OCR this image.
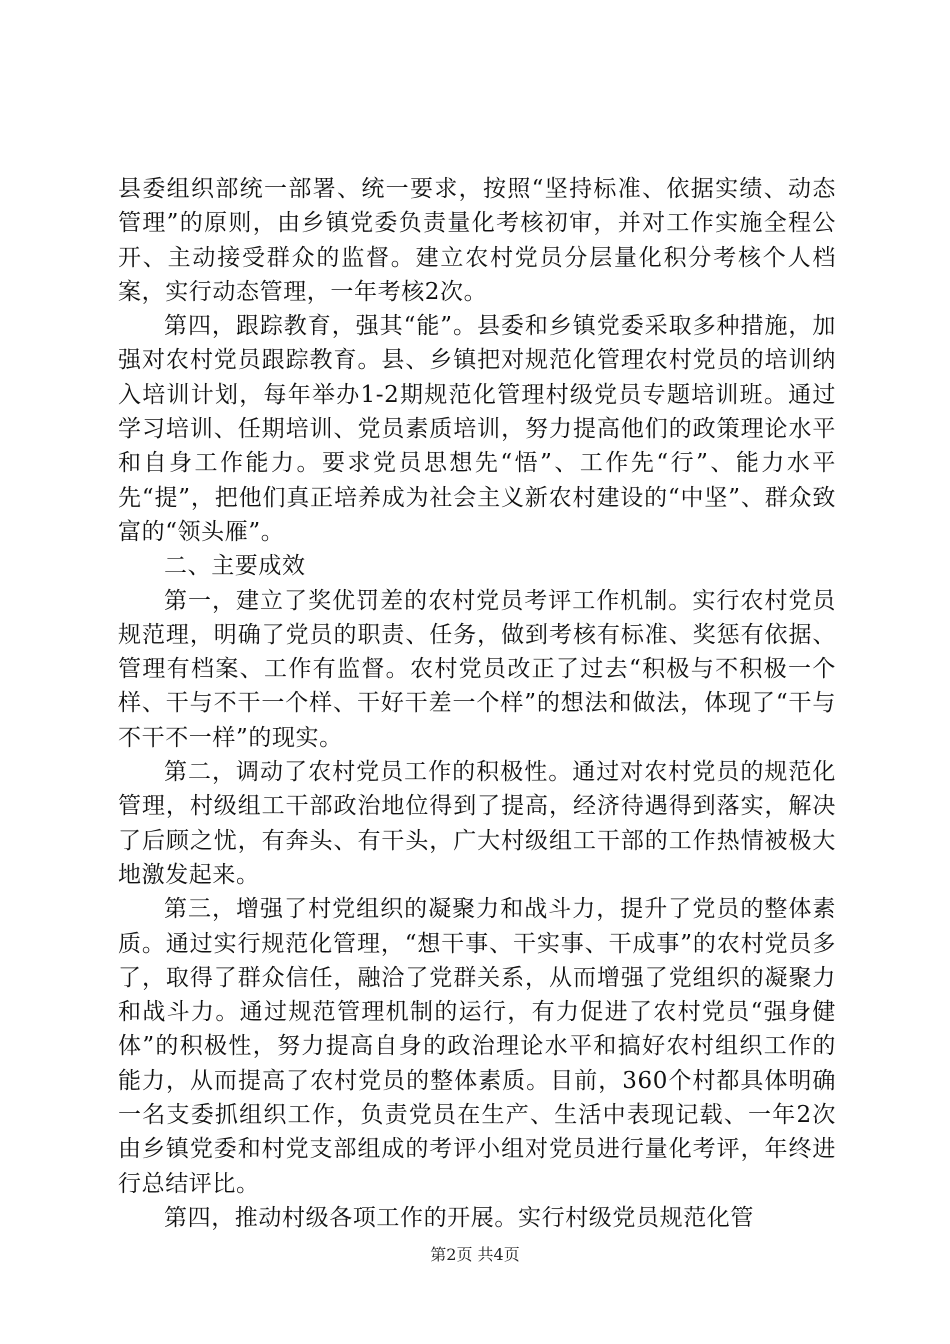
县委组织部统一部署、统一要求，按照“坚持标准、依据实绩、动态管理”的原则，由乡镇党委负责量化考核初审，并对工作实施全程公开、主动接受群众的监督。建立农村党员分层量化积分考核个人档案，实行动态管理，一年考核2次。

第四，跟踪教育，强其“能”。县委和乡镇党委采取多种措施，加强对农村党员跟踪教育。县、乡镇把对规范化管理农村党员的培训纳入培训计划，每年举办1-2期规范化管理村级党员专题培训班。通过学习培训、任期培训、党员素质培训，努力提高他们的政策理论水平和自身工作能力。要求党员思想先“悟”、工作先“行”、能力水平先“提”，把他们真正培养成为社会主义新农村建设的“中坚”、群众致富的“领头雁”。

二、主要成效

第一，建立了奖优罚差的农村党员考评工作机制。实行农村党员规范理，明确了党员的职责、任务，做到考核有标准、奖惩有依据、管理有档案、工作有监督。农村党员改正了过去“积极与不积极一个样、干与不干一个样、干好干差一个样”的想法和做法，体现了“干与不干不一样”的现实。

第二，调动了农村党员工作的积极性。通过对农村党员的规范化管理，村级组工干部政治地位得到了提高，经济待遇得到落实，解决了后顾之忧，有奔头、有干头，广大村级组工干部的工作热情被极大地激发起来。

第三，增强了村党组织的凝聚力和战斗力，提升了党员的整体素质。通过实行规范化管理，“想干事、干实事、干成事”的农村党员多了，取得了群众信任，融洽了党群关系，从而增强了党组织的凝聚力和战斗力。通过规范管理机制的运行，有力促进了农村党员“强身健体”的积极性，努力提高自身的政治理论水平和搞好农村组织工作的能力，从而提高了农村党员的整体素质。目前，360个村都具体明确一名支委抓组织工作，负责党员在生产、生活中表现记载、一年2次由乡镇党委和村党支部组成的考评小组对党员进行量化考评，年终进行总结评比。

第四，推动村级各项工作的开展。实行村级党员规范化管

第2页 共4页
